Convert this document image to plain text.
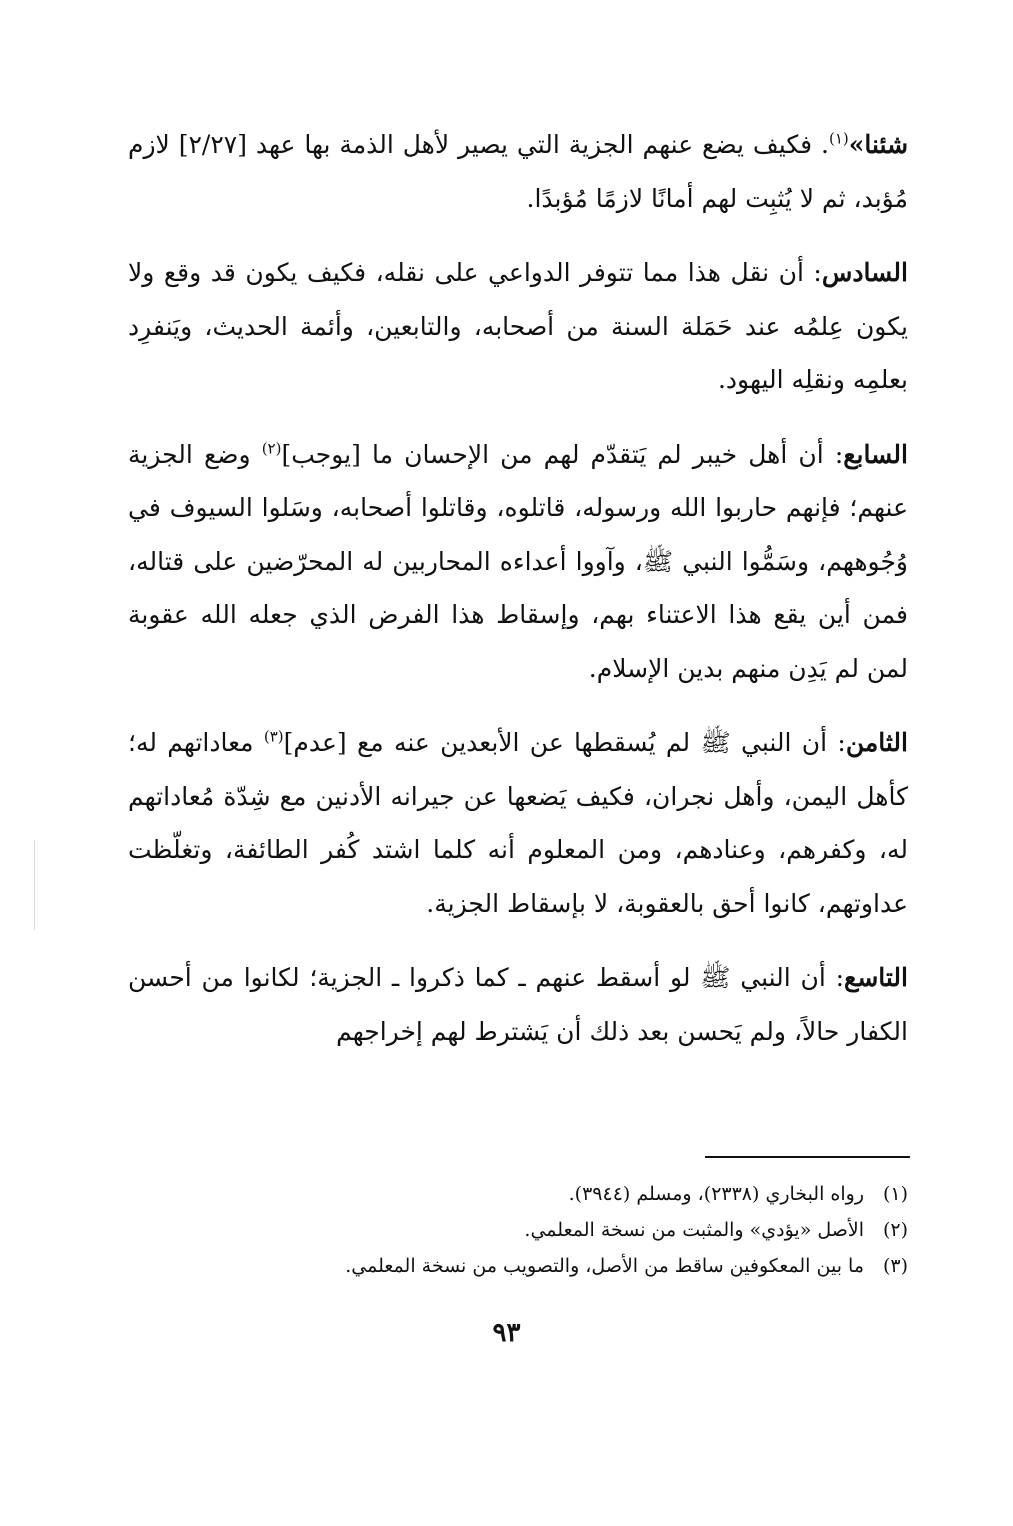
شئنا»$^{(١)}$. فكيف يضع عنهم الجزية التي يصير لأهل الذمة بها عهد [٢/٢٧] لازم مُؤبد، ثم لا يُثبِت لهم أمانًا لازمًا مُؤبدًا.

السادس: أن نقل هذا مما تتوفر الدواعي على نقله، فكيف يكون قد وقع ولا يكون عِلمُه عند حَمَلة السنة من أصحابه، والتابعين، وأئمة الحديث، ويَنفرِد بعلمِه ونقلِه اليهود.

السابع: أن أهل خيبر لم يَتقدّم لهم من الإحسان ما [يوجب]$^{(٢)}$ وضع الجزية عنهم؛ فإنهم حاربوا الله ورسوله، قاتلوه، وقاتلوا أصحابه، وسَلوا السيوف في وُجُوههم، وسَمُّوا النبي ﷺ، وآووا أعداءه المحاربين له المحرّضين على قتاله، فمن أين يقع هذا الاعتناء بهم، وإسقاط هذا الفرض الذي جعله الله عقوبة لمن لم يَدِن منهم بدين الإسلام.

الثامن: أن النبي ﷺ لم يُسقطها عن الأبعدين عنه مع [عدم]$^{(٣)}$ معاداتهم له؛ كأهل اليمن، وأهل نجران، فكيف يَضعها عن جيرانه الأدنين مع شِدّة مُعاداتهم له، وكفرهم، وعنادهم، ومن المعلوم أنه كلما اشتد كُفر الطائفة، وتغلّظت عداوتهم، كانوا أحق بالعقوبة، لا بإسقاط الجزية.

التاسع: أن النبي ﷺ لو أسقط عنهم ـ كما ذكروا ـ الجزية؛ لكانوا من أحسن الكفار حالاً، ولم يَحسن بعد ذلك أن يَشترط لهم إخراجهم

(١)رواه البخاري (٢٣٣٨)، ومسلم (٣٩٤٤).

(٢)الأصل «يؤدي» والمثبت من نسخة المعلمي.

(٣)ما بين المعكوفين ساقط من الأصل، والتصويب من نسخة المعلمي.

٩٣
